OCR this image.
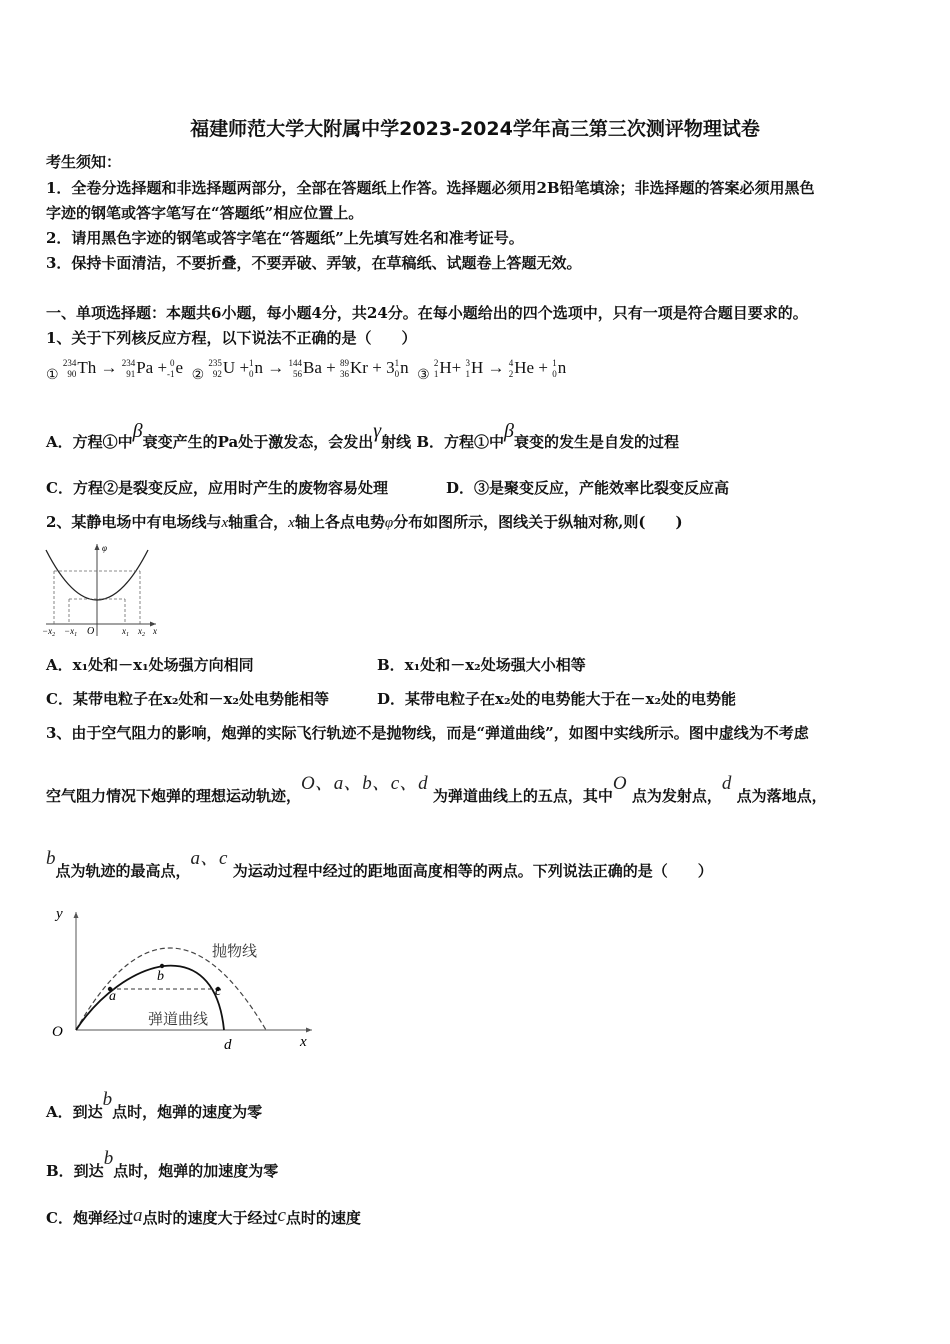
福建师范大学大附属中学2023-2024学年高三第三次测评物理试卷
考生须知：
1．全卷分选择题和非选择题两部分，全部在答题纸上作答。选择题必须用2B铅笔填涂；非选择题的答案必须用黑色
字迹的钢笔或答字笔写在“答题纸”相应位置上。
2．请用黑色字迹的钢笔或答字笔在“答题纸”上先填写姓名和准考证号。
3．保持卡面清洁，不要折叠，不要弄破、弄皱，在草稿纸、试题卷上答题无效。
一、单项选择题：本题共6小题，每小题4分，共24分。在每小题给出的四个选项中，只有一项是符合题目要求的。
1、关于下列核反应方程，以下说法不正确的是（　　）
$_①$
234
90 Th → 234
91 Pa + 0
-1 e $_②$
235
92 U + 1
0 n → 144
56 Ba + 89
36 Kr + 3 1
0 n $_③$
2
1 H+ 3
1 H → 4
2 He + 1
0 n
A．方程①中β衰变产生的Pa处于激发态，会发出γ射线 B．方程①中β衰变的发生是自发的过程
C．方程②是裂变反应，应用时产生的废物容易处理	D．③是聚变反应，产能效率比裂变反应高
2、某静电场中有电场线与x轴重合，x轴上各点电势φ分布如图所示，图线关于纵轴对称,则(　　)
φ
O
$-x_2 -x_1$	$x_1$ $x_2$ x
A．x₁处和－x₁处场强方向相同	B．x₁处和－x₂处场强大小相等
C．某带电粒子在x₂处和－x₂处电势能相等	D．某带电粒子在x₂处的电势能大于在－x₂处的电势能
3、由于空气阻力的影响，炮弹的实际飞行轨迹不是抛物线，而是“弹道曲线”，如图中实线所示。图中虚线为不考虑
空气阻力情况下炮弹的理想运动轨迹，O、a、b、c、d 为弹道曲线上的五点，其中O 点为发射点，d 点为落地点，
b点为轨迹的最高点，a、c 为运动过程中经过的距地面高度相等的两点。下列说法正确的是（　　）
y
x
O
a
b
c
d
抛物线
弹道曲线
A．到达b点时，炮弹的速度为零
B．到达b点时，炮弹的加速度为零
C．炮弹经过a点时的速度大于经过c点时的速度
